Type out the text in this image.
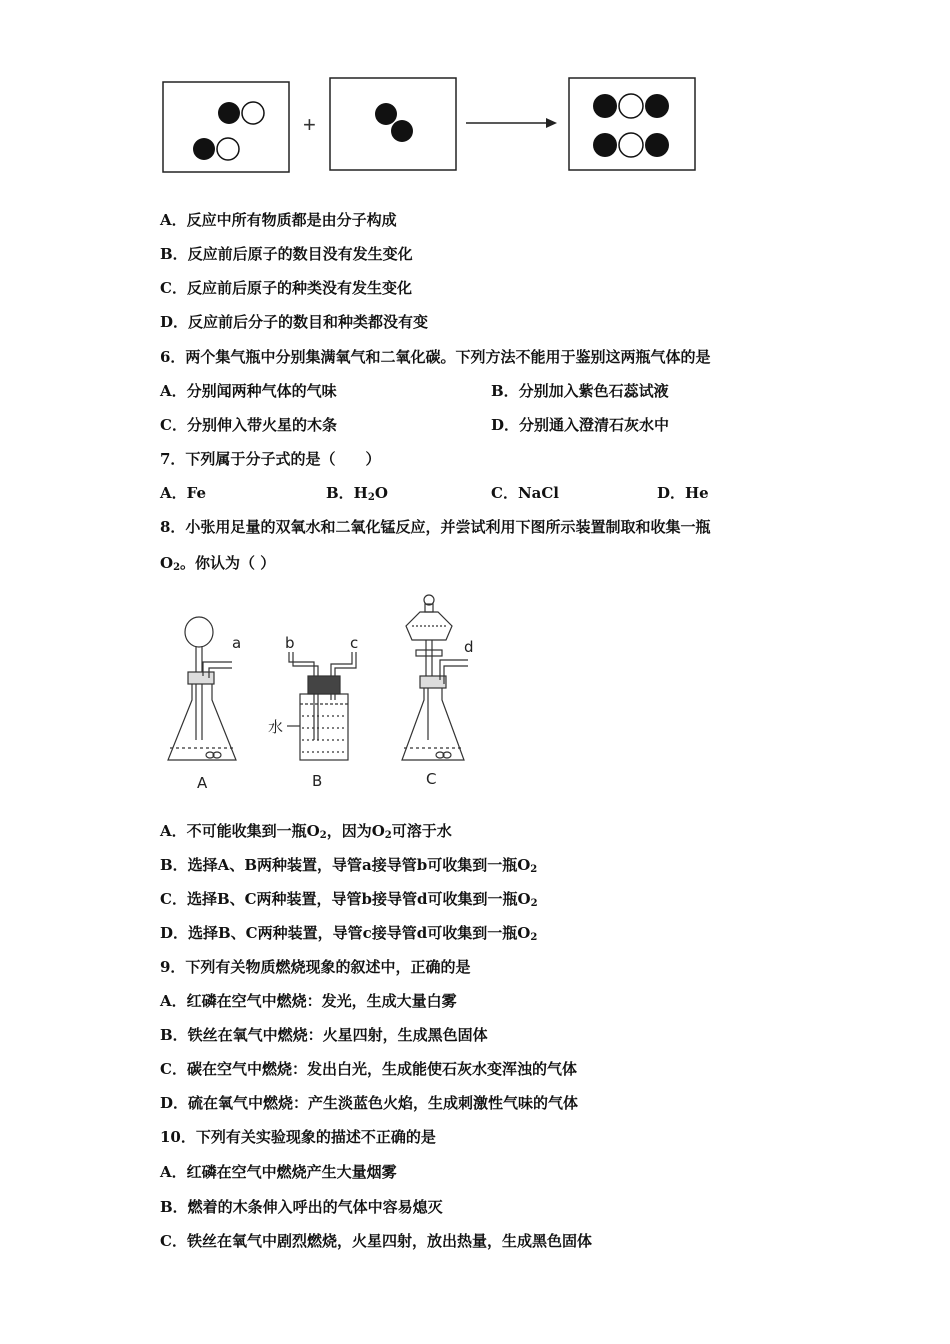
+
A．反应中所有物质都是由分子构成
B．反应前后原子的数目没有发生变化
C．反应前后原子的种类没有发生变化
D．反应前后分子的数目和种类都没有变
6．两个集气瓶中分别集满氧气和二氧化碳。下列方法不能用于鉴别这两瓶气体的是
A．分别闻两种气体的气味	B．分别加入紫色石蕊试液
C．分别伸入带火星的木条	D．分别通入澄清石灰水中
7．下列属于分子式的是（　　）
A．Fe	B．$H_2O$	C．NaCl	D．He
8．小张用足量的双氧水和二氧化锰反应，并尝试利用下图所示装置制取和收集一瓶
$O_2$。你认为（ ）
a
A
b	c
水
B
d
C
A．不可能收集到一瓶$O_2$，因为$O_2$可溶于水
B．选择A、B两种装置，导管a接导管b可收集到一瓶$O_2$
C．选择B、C两种装置，导管b接导管d可收集到一瓶$O_2$
D．选择B、C两种装置，导管c接导管d可收集到一瓶$O_2$
9．下列有关物质燃烧现象的叙述中，正确的是
A．红磷在空气中燃烧：发光，生成大量白雾
B．铁丝在氧气中燃烧：火星四射，生成黑色固体
C．碳在空气中燃烧：发出白光，生成能使石灰水变浑浊的气体
D．硫在氧气中燃烧：产生淡蓝色火焰，生成刺激性气味的气体
10．下列有关实验现象的描述不正确的是
A．红磷在空气中燃烧产生大量烟雾
B．燃着的木条伸入呼出的气体中容易熄灭
C．铁丝在氧气中剧烈燃烧，火星四射，放出热量，生成黑色固体
